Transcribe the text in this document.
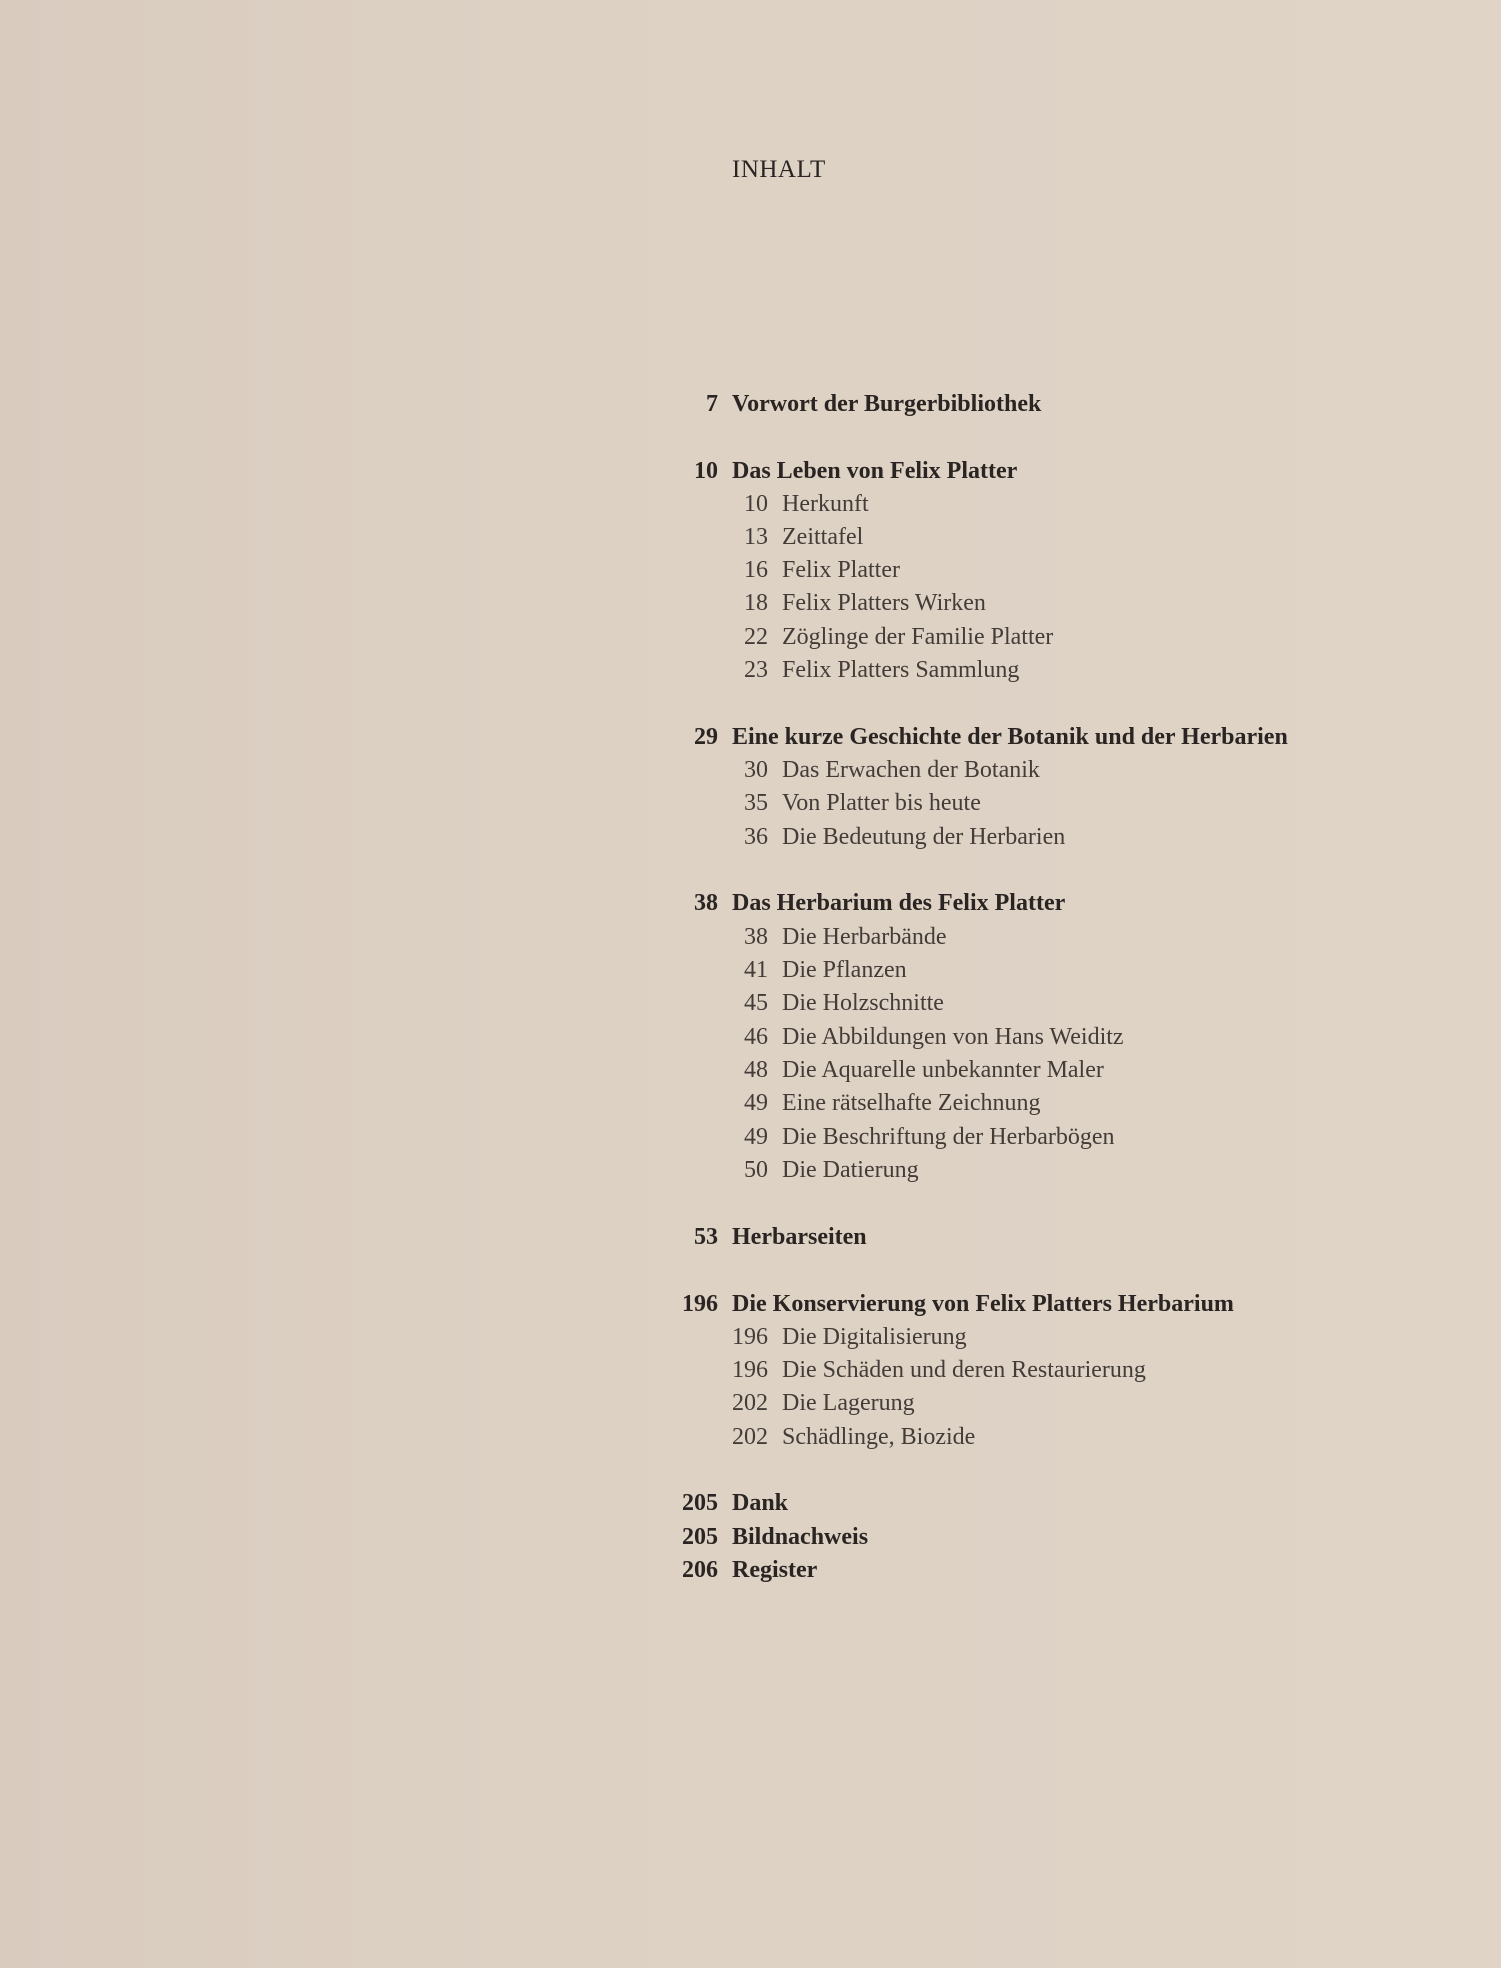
INHALT
7 Vorwort der Burgerbibliothek
10 Das Leben von Felix Platter
10 Herkunft
13 Zeittafel
16 Felix Platter
18 Felix Platters Wirken
22 Zöglinge der Familie Platter
23 Felix Platters Sammlung
29 Eine kurze Geschichte der Botanik und der Herbarien
30 Das Erwachen der Botanik
35 Von Platter bis heute
36 Die Bedeutung der Herbarien
38 Das Herbarium des Felix Platter
38 Die Herbarbände
41 Die Pflanzen
45 Die Holzschnitte
46 Die Abbildungen von Hans Weiditz
48 Die Aquarelle unbekannter Maler
49 Eine rätselhafte Zeichnung
49 Die Beschriftung der Herbarbögen
50 Die Datierung
53 Herbarseiten
196 Die Konservierung von Felix Platters Herbarium
196 Die Digitalisierung
196 Die Schäden und deren Restaurierung
202 Die Lagerung
202 Schädlinge, Biozide
205 Dank
205 Bildnachweis
206 Register
